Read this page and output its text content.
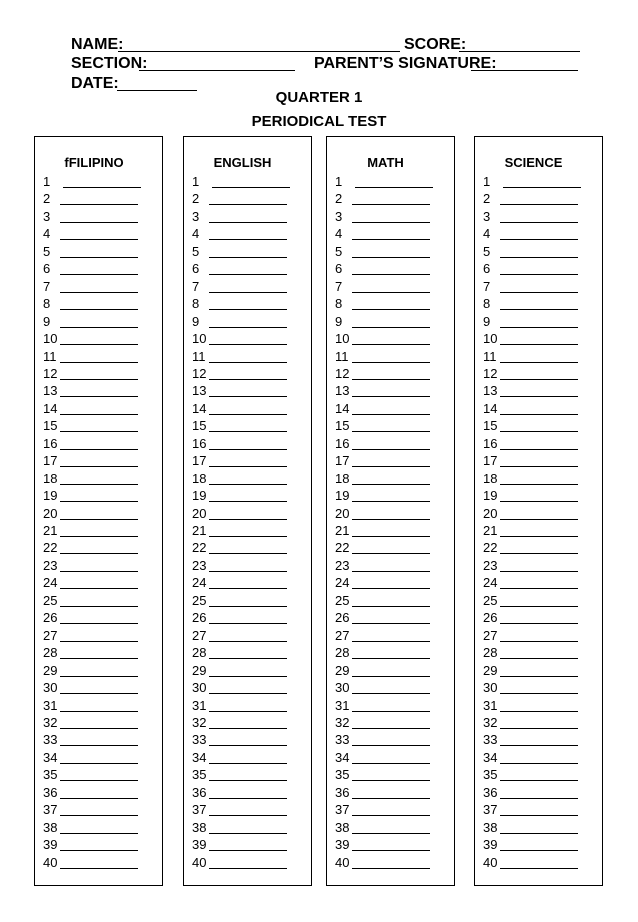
NAME:	SCORE:
SECTION:	PARENT’S SIGNATURE:
DATE:
QUARTER 1
PERIODICAL TEST
fFILIPINO
1
2
3
4
5
6
7
8
9
10
11
12
13
14
15
16
17
18
19
20
21
22
23
24
25
26
27
28
29
30
31
32
33
34
35
36
37
38
39
40
ENGLISH
1
2
3
4
5
6
7
8
9
10
11
12
13
14
15
16
17
18
19
20
21
22
23
24
25
26
27
28
29
30
31
32
33
34
35
36
37
38
39
40
MATH
1
2
3
4
5
6
7
8
9
10
11
12
13
14
15
16
17
18
19
20
21
22
23
24
25
26
27
28
29
30
31
32
33
34
35
36
37
38
39
40
SCIENCE
1
2
3
4
5
6
7
8
9
10
11
12
13
14
15
16
17
18
19
20
21
22
23
24
25
26
27
28
29
30
31
32
33
34
35
36
37
38
39
40
